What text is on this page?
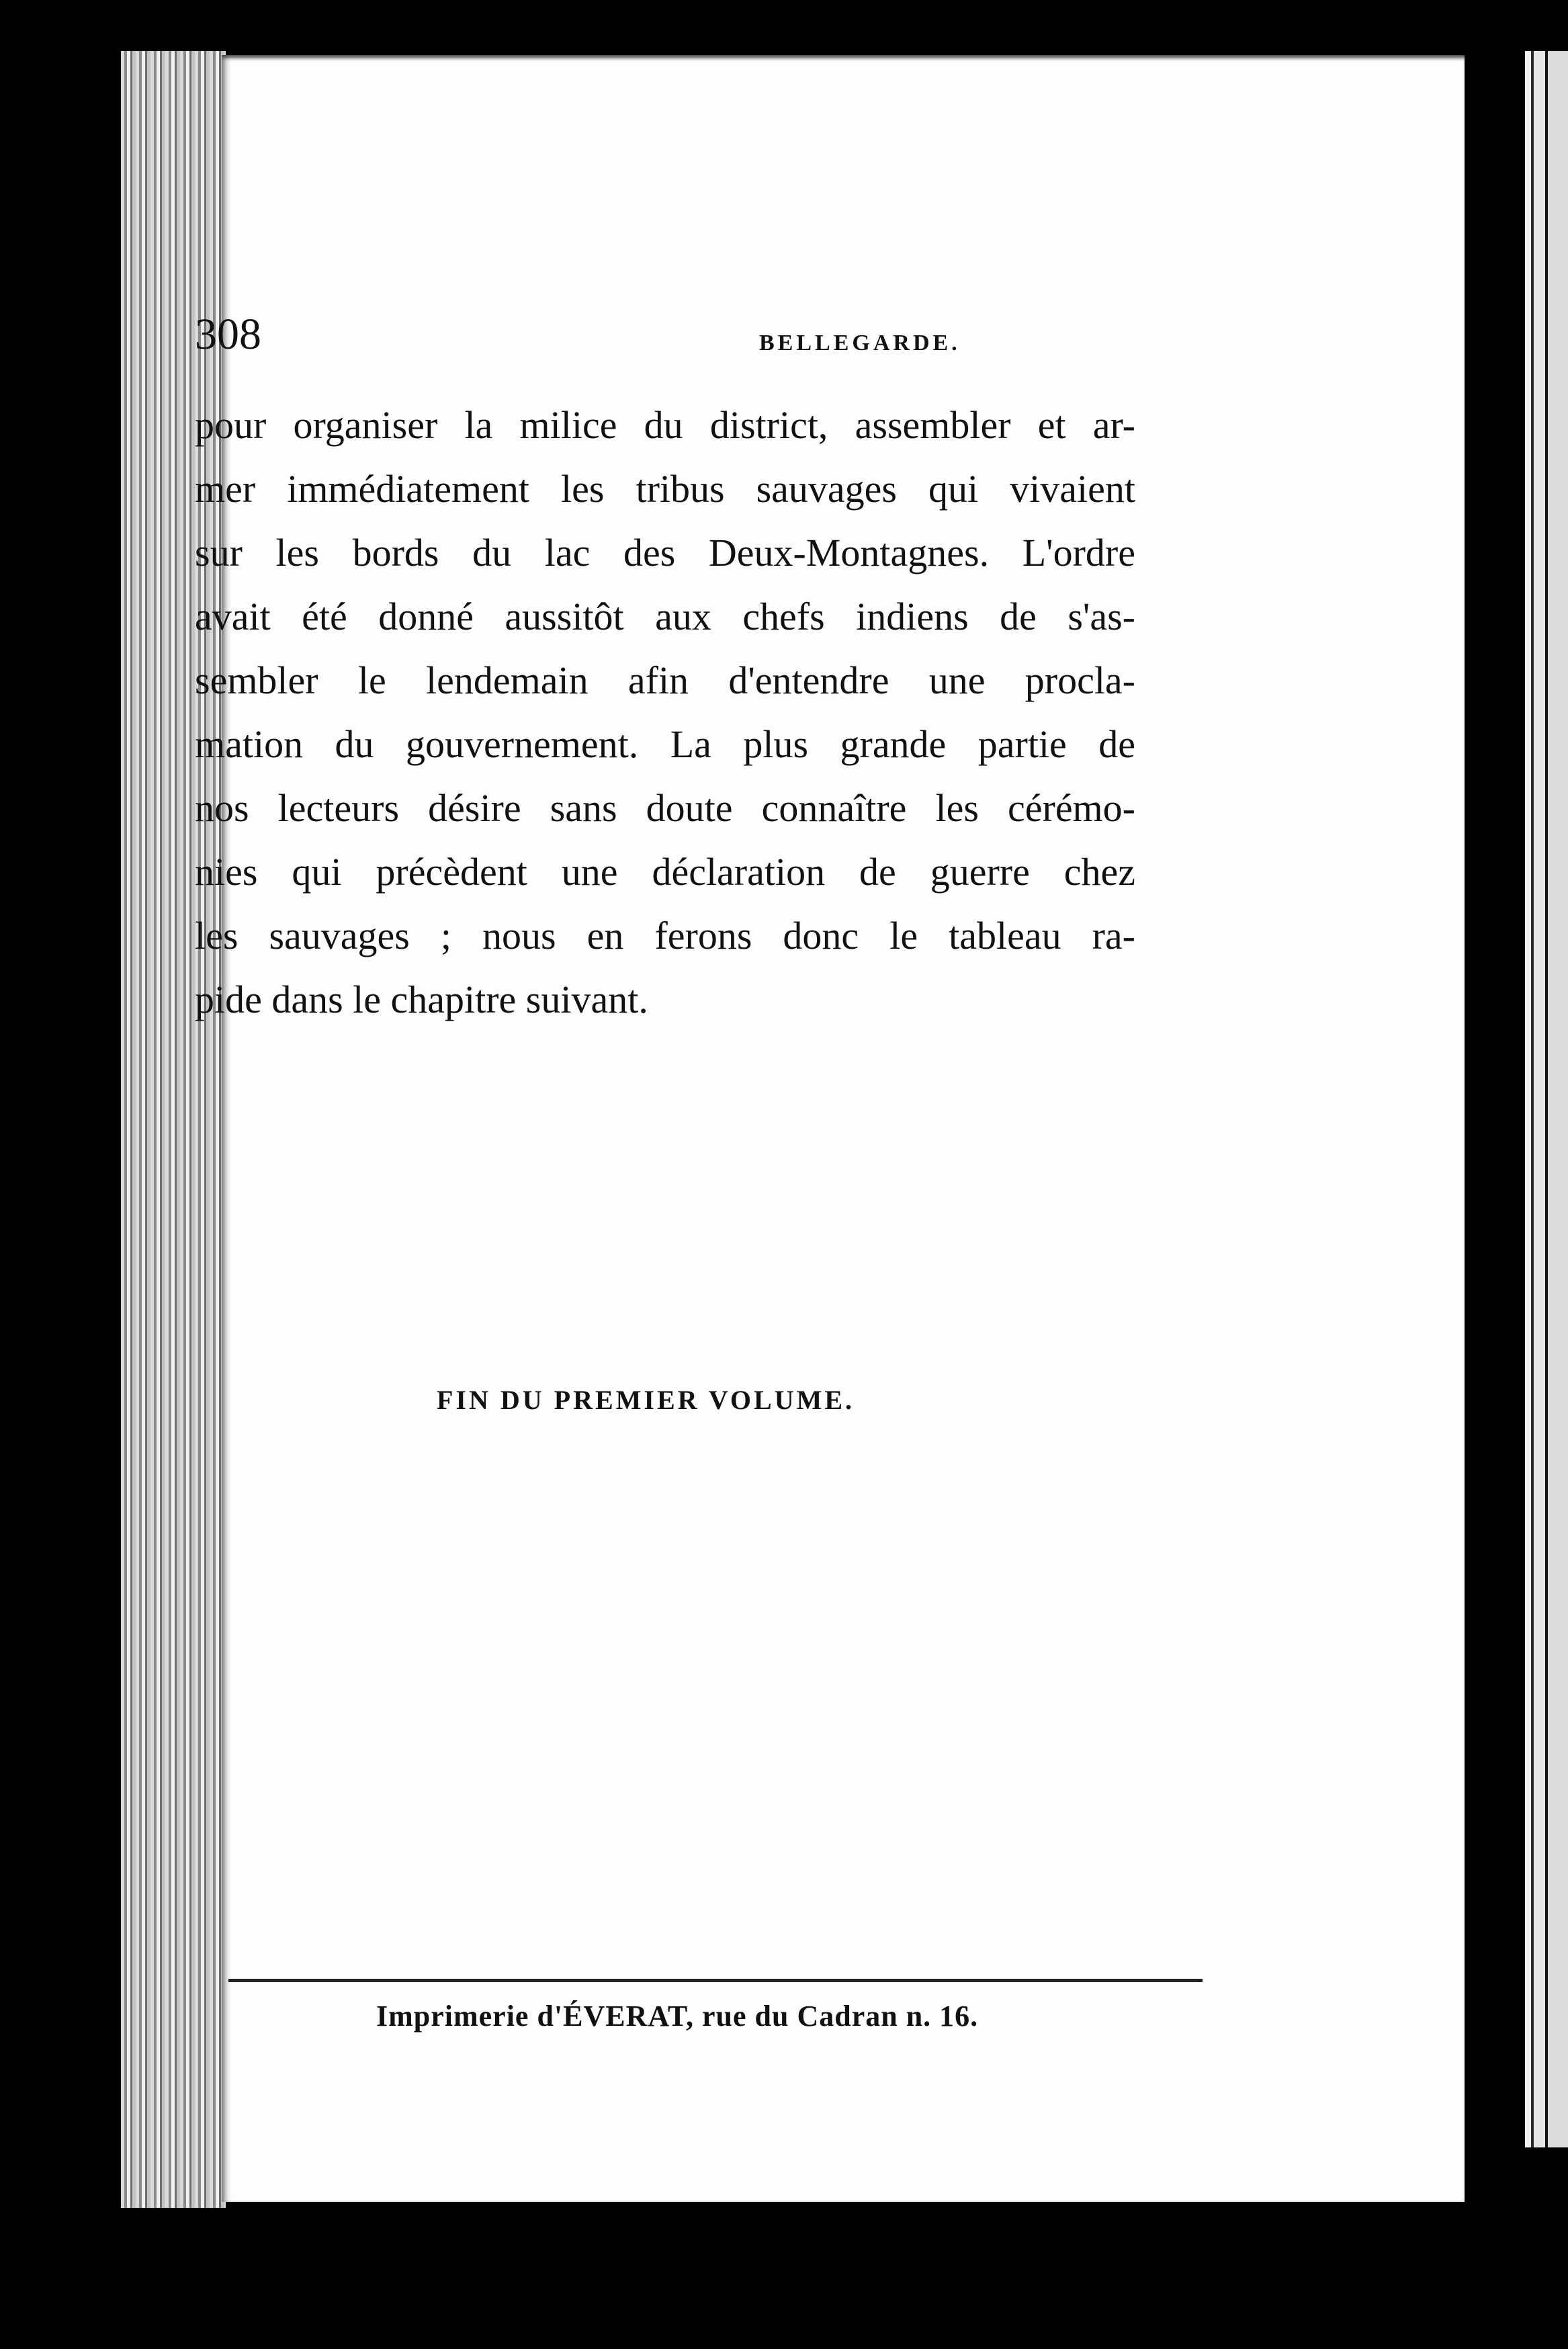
308	BELLEGARDE.
pour organiser la milice du district, assembler et ar-
mer immédiatement les tribus sauvages qui vivaient
sur les bords du lac des Deux-Montagnes. L'ordre
avait été donné aussitôt aux chefs indiens de s'as-
sembler le lendemain afin d'entendre une procla-
mation du gouvernement. La plus grande partie de
nos lecteurs désire sans doute connaître les cérémo-
nies qui précèdent une déclaration de guerre chez
les sauvages ; nous en ferons donc le tableau ra-
pide dans le chapitre suivant.
FIN DU PREMIER VOLUME.
Imprimerie d'ÉVERAT, rue du Cadran n. 16.
